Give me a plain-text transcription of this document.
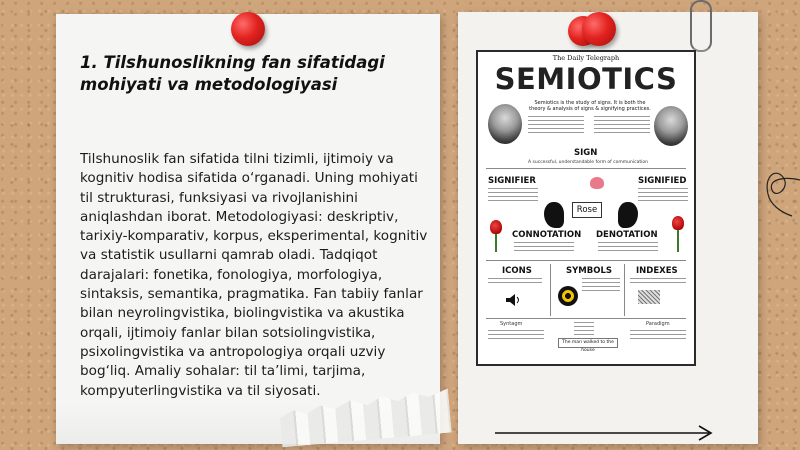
1. Tilshunoslikning fan sifatidagi mohiyati va metodologiyasi
Tilshunoslik fan sifatida tilni tizimli, ijtimoiy va kognitiv hodisa sifatida o‘rganadi. Uning mohiyati til strukturasi, funksiyasi va rivojlanishini aniqlashdan iborat. Metodologiyasi: deskriptiv, tarixiy-komparativ, korpus, eksperimental, kognitiv va statistik usullarni qamrab oladi. Tadqiqot darajalari: fonetika, fonologiya, morfologiya, sintaksis, semantika, pragmatika. Fan tabiiy fanlar bilan neyrolingvistika, biolingvistika va akustika orqali, ijtimoiy fanlar bilan sotsiolingvistika, psixolingvistika va antropologiya orqali uzviy bog‘liq. Amaliy sohalar: til ta’limi, tarjima, kompyuterlingvistika va til siyosati.
The Daily Telegraph
SEMIOTICS
Semiotics is the study of signs. It is both the theory & analysis of signs & signifying practices.
SIGN
A successful, understandable form of communication
SIGNIFIER	SIGNIFIED
Rose
CONNOTATION DENOTATION
ICONS	SYMBOLS	INDEXES
Syntagm	Paradigm
The man walked to the house
